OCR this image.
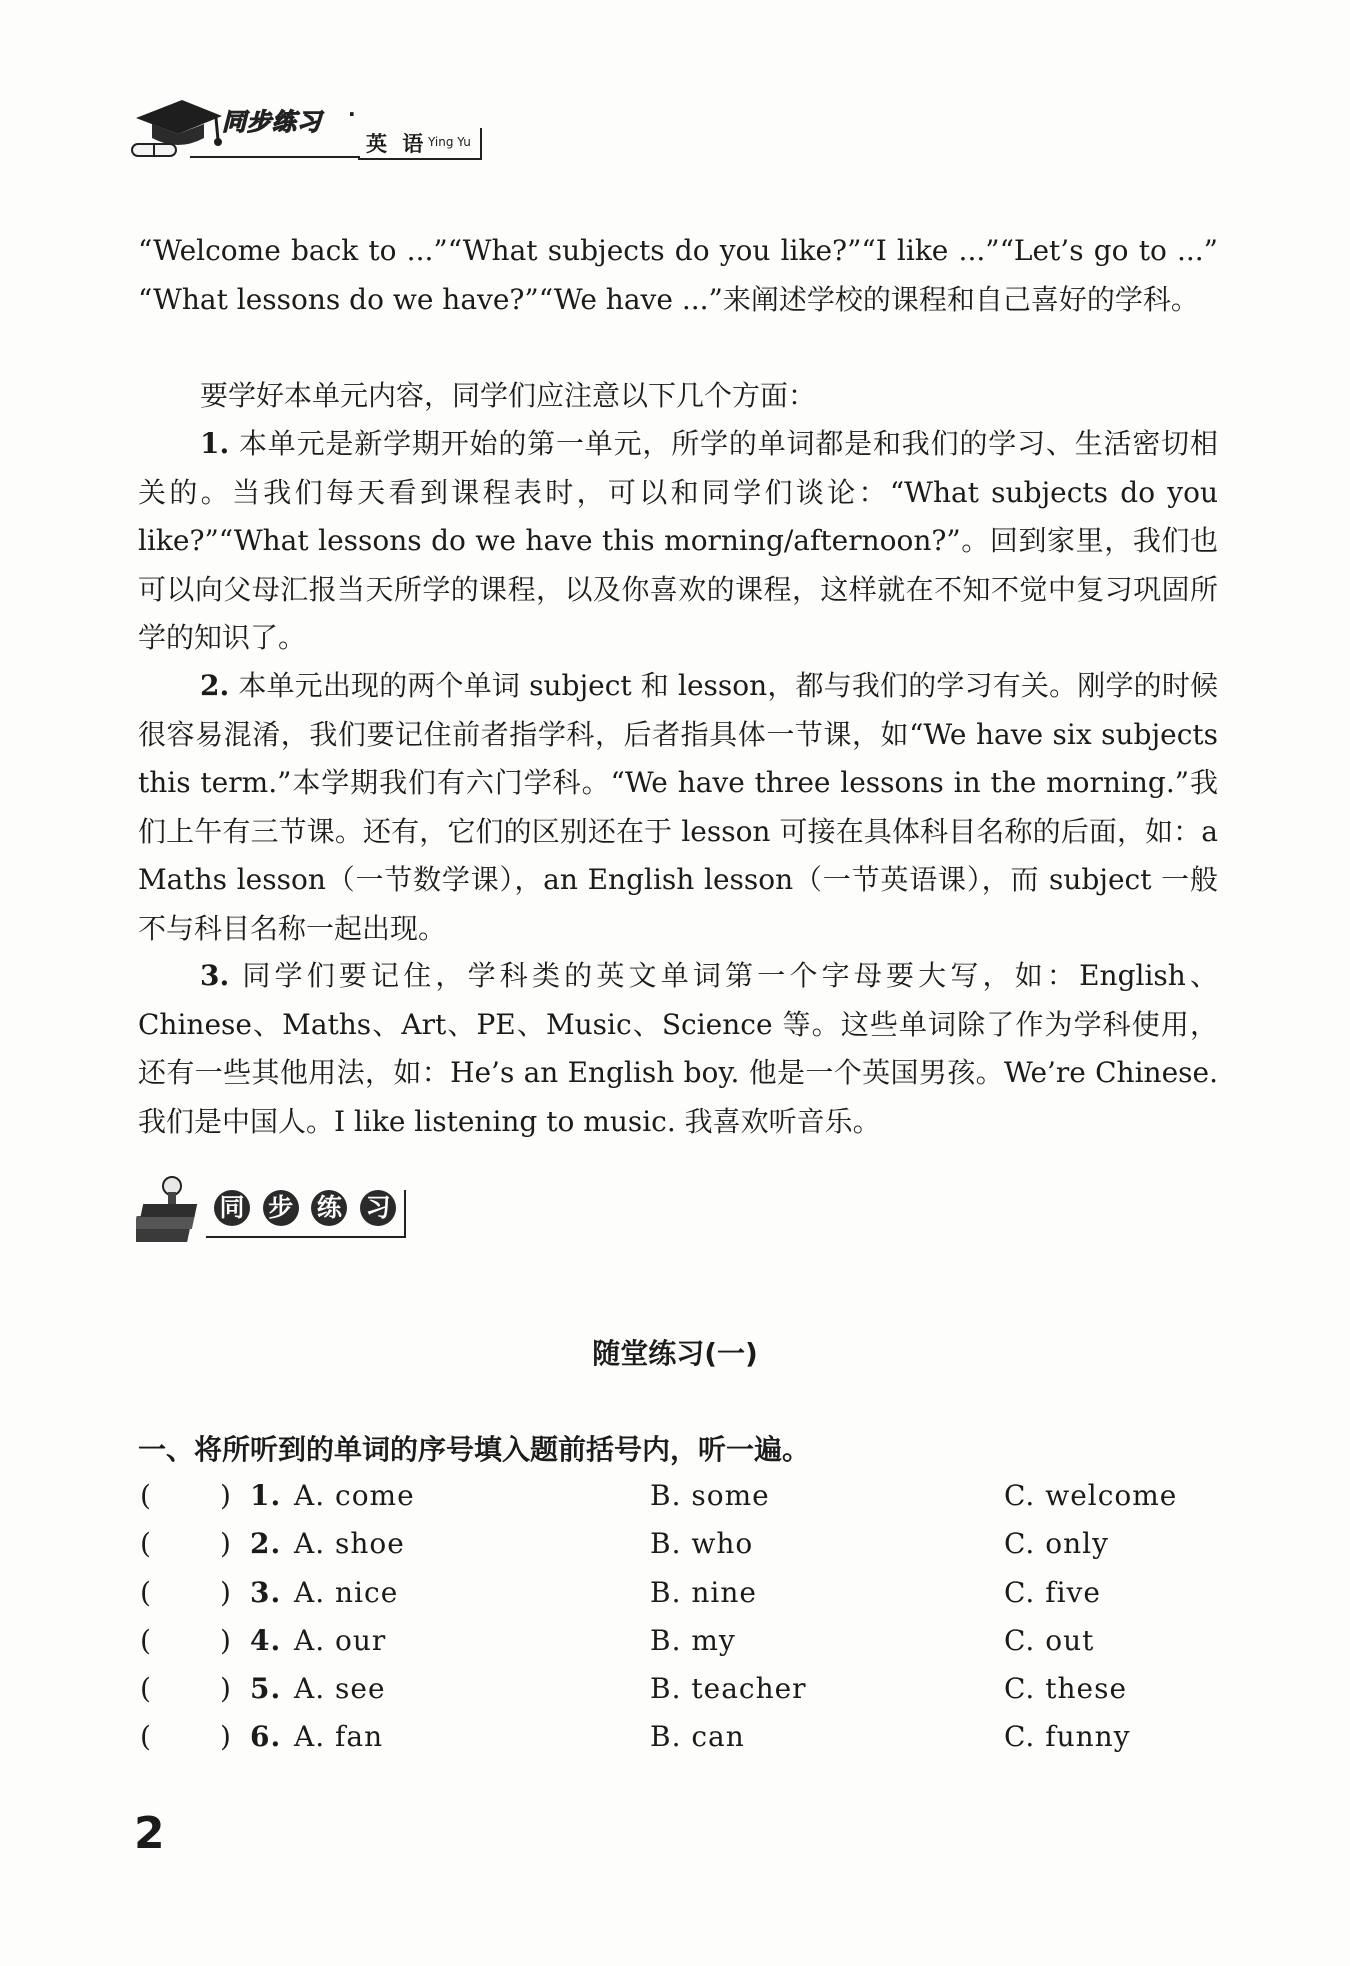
同步练习 ·
英 语 Ying Yu

“Welcome back to ...”“What subjects do you like?”“I like ...”“Let’s go to ...” “What lessons do we have?”“We have ...”来阐述学校的课程和自己喜好的学科。

要学好本单元内容，同学们应注意以下几个方面：

1. 本单元是新学期开始的第一单元，所学的单词都是和我们的学习、生活密切相关的。当我们每天看到课程表时，可以和同学们谈论：“What subjects do you like?”“What lessons do we have this morning/afternoon?”。回到家里，我们也可以向父母汇报当天所学的课程，以及你喜欢的课程，这样就在不知不觉中复习巩固所学的知识了。

2. 本单元出现的两个单词 subject 和 lesson，都与我们的学习有关。刚学的时候很容易混淆，我们要记住前者指学科，后者指具体一节课，如“We have six subjects this term.”本学期我们有六门学科。“We have three lessons in the morning.”我们上午有三节课。还有，它们的区别还在于 lesson 可接在具体科目名称的后面，如：a Maths lesson（一节数学课），an English lesson（一节英语课），而 subject 一般不与科目名称一起出现。

3. 同学们要记住，学科类的英文单词第一个字母要大写，如：English、Chinese、Maths、Art、PE、Music、Science 等。这些单词除了作为学科使用，还有一些其他用法，如：He’s an English boy. 他是一个英国男孩。We’re Chinese. 我们是中国人。I like listening to music. 我喜欢听音乐。

同 步 练 习
随堂练习(一)
一、将所听到的单词的序号填入题前括号内，听一遍。
( ) 1. A. come	B. some	C. welcome
( ) 2. A. shoe	B. who	C. only
( ) 3. A. nice	B. nine	C. five
( ) 4. A. our	B. my	C. out
( ) 5. A. see	B. teacher	C. these
( ) 6. A. fan	B. can	C. funny
2
